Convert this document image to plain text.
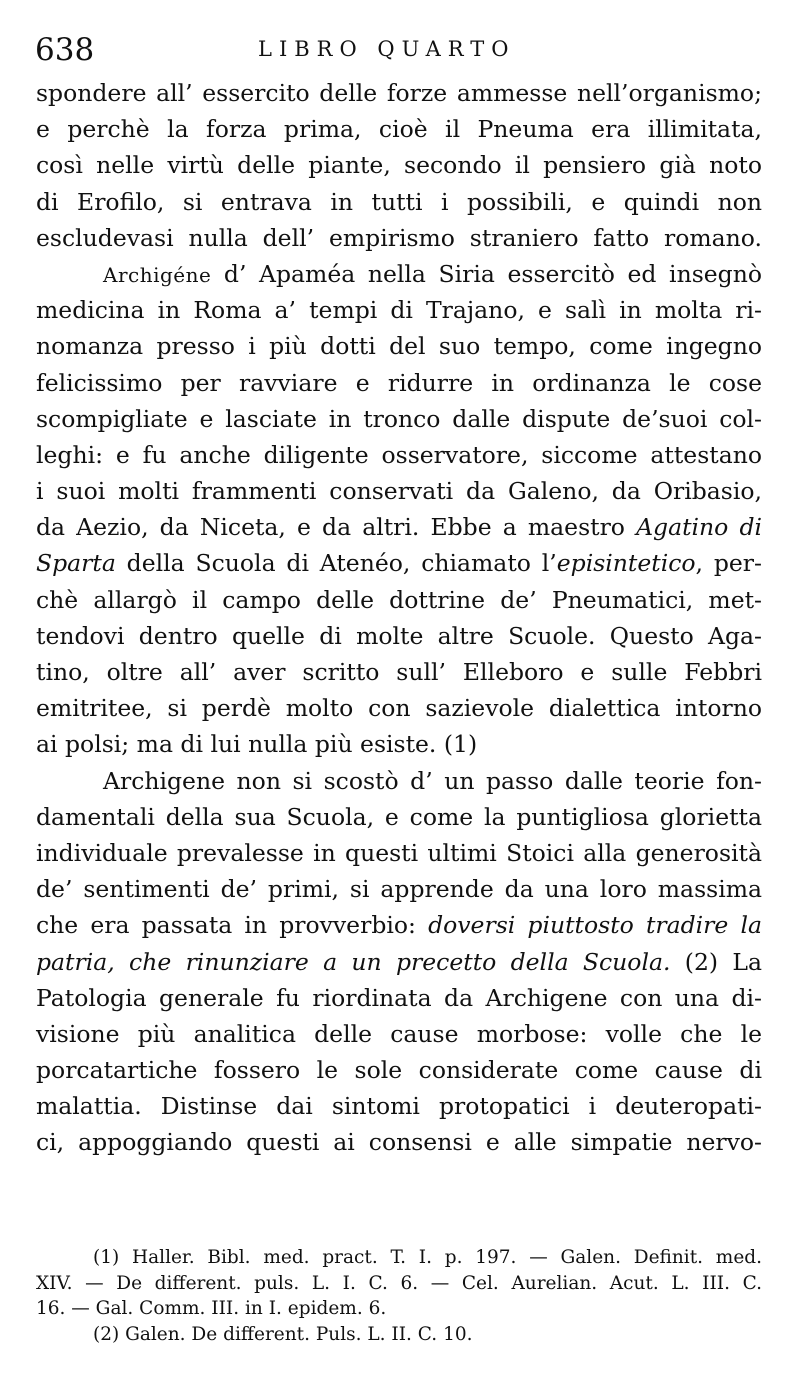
638	LIBRO QUARTO
spondere all’ essercito delle forze ammesse nell’organismo;
e perchè la forza prima, cioè il Pneuma era illimitata,
così nelle virtù delle piante, secondo il pensiero già noto
di Erofilo, si entrava in tutti i possibili, e quindi non
escludevasi nulla dell’ empirismo straniero fatto romano.
Archigéne d’ Apaméa nella Siria essercitò ed insegnò
medicina in Roma a’ tempi di Trajano, e salì in molta ri-
nomanza presso i più dotti del suo tempo, come ingegno
felicissimo per ravviare e ridurre in ordinanza le cose
scompigliate e lasciate in tronco dalle dispute de’suoi col-
leghi: e fu anche diligente osservatore, siccome attestano
i suoi molti frammenti conservati da Galeno, da Oribasio,
da Aezio, da Niceta, e da altri. Ebbe a maestro Agatino di
Sparta della Scuola di Atenéo, chiamato l’episintetico, per-
chè allargò il campo delle dottrine de’ Pneumatici, met-
tendovi dentro quelle di molte altre Scuole. Questo Aga-
tino, oltre all’ aver scritto sull’ Elleboro e sulle Febbri
emitritee, si perdè molto con sazievole dialettica intorno
ai polsi; ma di lui nulla più esiste. (1)
Archigene non si scostò d’ un passo dalle teorie fon-
damentali della sua Scuola, e come la puntigliosa glorietta
individuale prevalesse in questi ultimi Stoici alla generosità
de’ sentimenti de’ primi, si apprende da una loro massima
che era passata in provverbio: doversi piuttosto tradire la
patria, che rinunziare a un precetto della Scuola. (2) La
Patologia generale fu riordinata da Archigene con una di-
visione più analitica delle cause morbose: volle che le
porcatartiche fossero le sole considerate come cause di
malattia. Distinse dai sintomi protopatici i deuteropati-
ci, appoggiando questi ai consensi e alle simpatie nervo-
(1) Haller. Bibl. med. pract. T. I. p. 197. — Galen. Definit. med.
XIV. — De different. puls. L. I. C. 6. — Cel. Aurelian. Acut. L. III. C.
16. — Gal. Comm. III. in I. epidem. 6.
(2) Galen. De different. Puls. L. II. C. 10.
